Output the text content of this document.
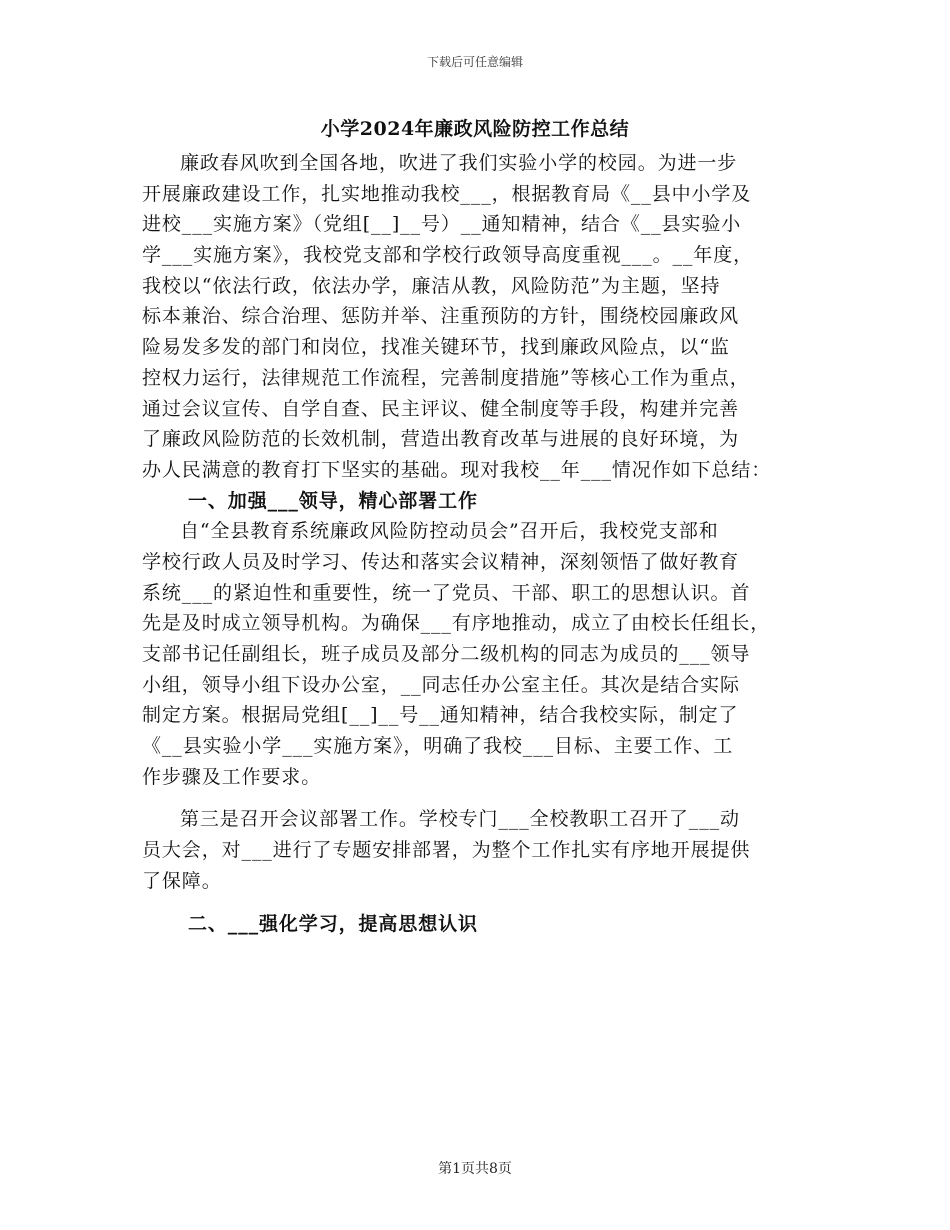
下载后可任意编辑
小学2024年廉政风险防控工作总结
廉政春风吹到全国各地，吹进了我们实验小学的校园。为进一步
开展廉政建设工作，扎实地推动我校___，根据教育局《__县中小学及
进校___实施方案》（党组[__]__号）__通知精神，结合《__县实验小
学___实施方案》，我校党支部和学校行政领导高度重视___。__年度，
我校以“依法行政，依法办学，廉洁从教，风险防范”为主题，坚持
标本兼治、综合治理、惩防并举、注重预防的方针，围绕校园廉政风
险易发多发的部门和岗位，找准关键环节，找到廉政风险点，以“监
控权力运行，法律规范工作流程，完善制度措施”等核心工作为重点，
通过会议宣传、自学自查、民主评议、健全制度等手段，构建并完善
了廉政风险防范的长效机制，营造出教育改革与进展的良好环境，为
办人民满意的教育打下坚实的基础。现对我校__年___情况作如下总结：
一、加强___领导，精心部署工作
自“全县教育系统廉政风险防控动员会”召开后，我校党支部和
学校行政人员及时学习、传达和落实会议精神，深刻领悟了做好教育
系统___的紧迫性和重要性，统一了党员、干部、职工的思想认识。首
先是及时成立领导机构。为确保___有序地推动，成立了由校长任组长，
支部书记任副组长，班子成员及部分二级机构的同志为成员的___领导
小组，领导小组下设办公室，__同志任办公室主任。其次是结合实际
制定方案。根据局党组[__]__号__通知精神，结合我校实际，制定了
《__县实验小学___实施方案》，明确了我校___目标、主要工作、工
作步骤及工作要求。
第三是召开会议部署工作。学校专门___全校教职工召开了___动
员大会，对___进行了专题安排部署，为整个工作扎实有序地开展提供
了保障。
二、___强化学习，提高思想认识
第1页共8页
